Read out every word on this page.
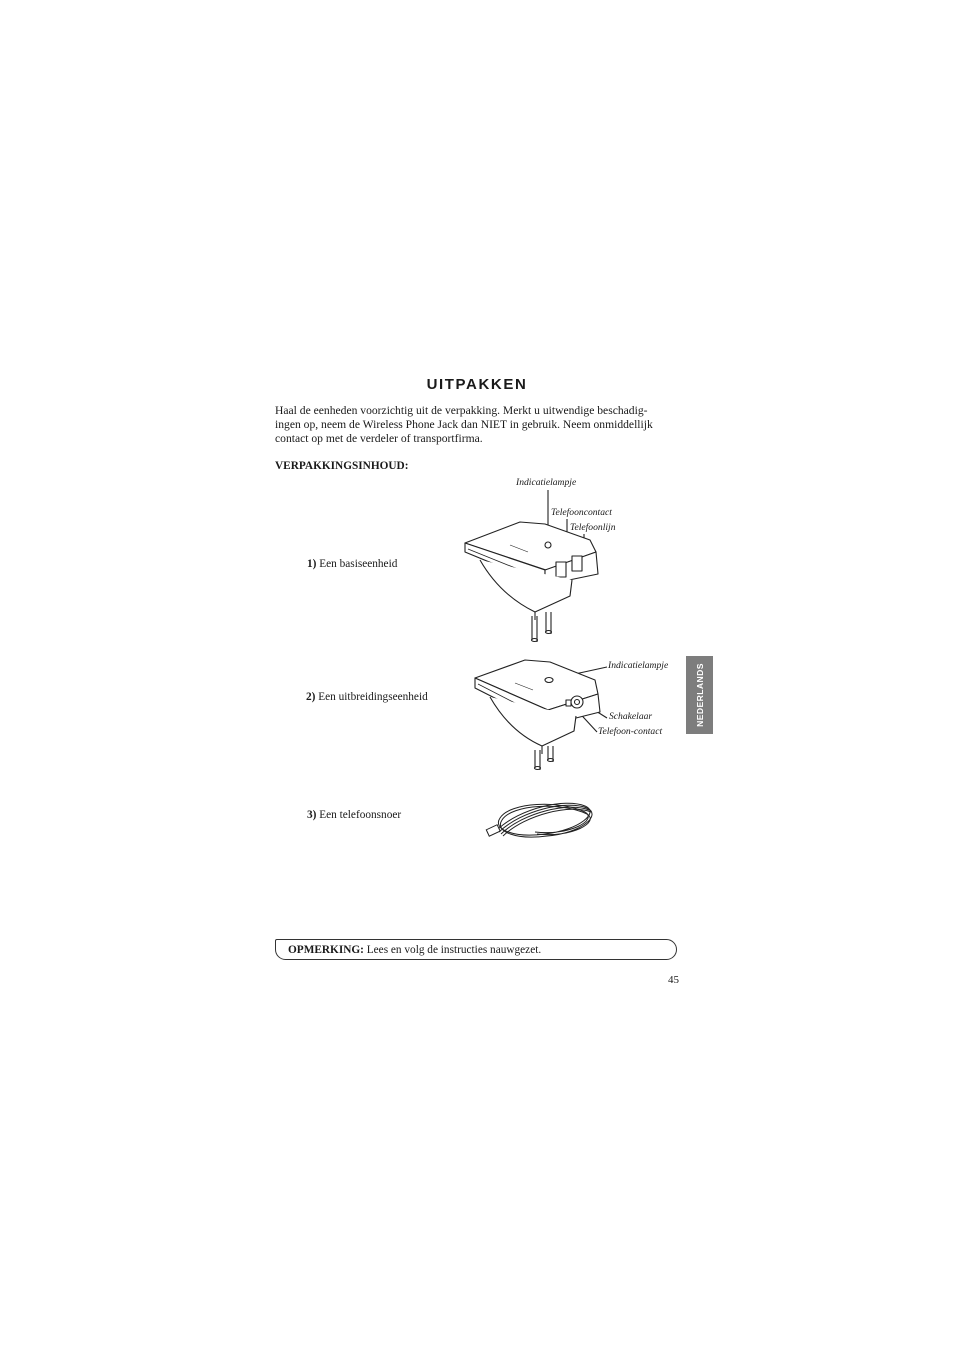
UITPAKKEN
Haal de eenheden voorzichtig uit de verpakking. Merkt u uitwendige beschadig-
ingen op, neem de Wireless Phone Jack dan NIET in gebruik. Neem onmiddellijk
contact op met de verdeler of transportfirma.
VERPAKKINGSINHOUD:
1) Een basiseenheid
Indicatielampje
Telefooncontact
Telefoonlijn
2) Een uitbreidingseenheid
Indicatielampje
Schakelaar
Telefoon-contact
NEDERLANDS
3) Een telefoonsnoer
OPMERKING: Lees en volg de instructies nauwgezet.
45
